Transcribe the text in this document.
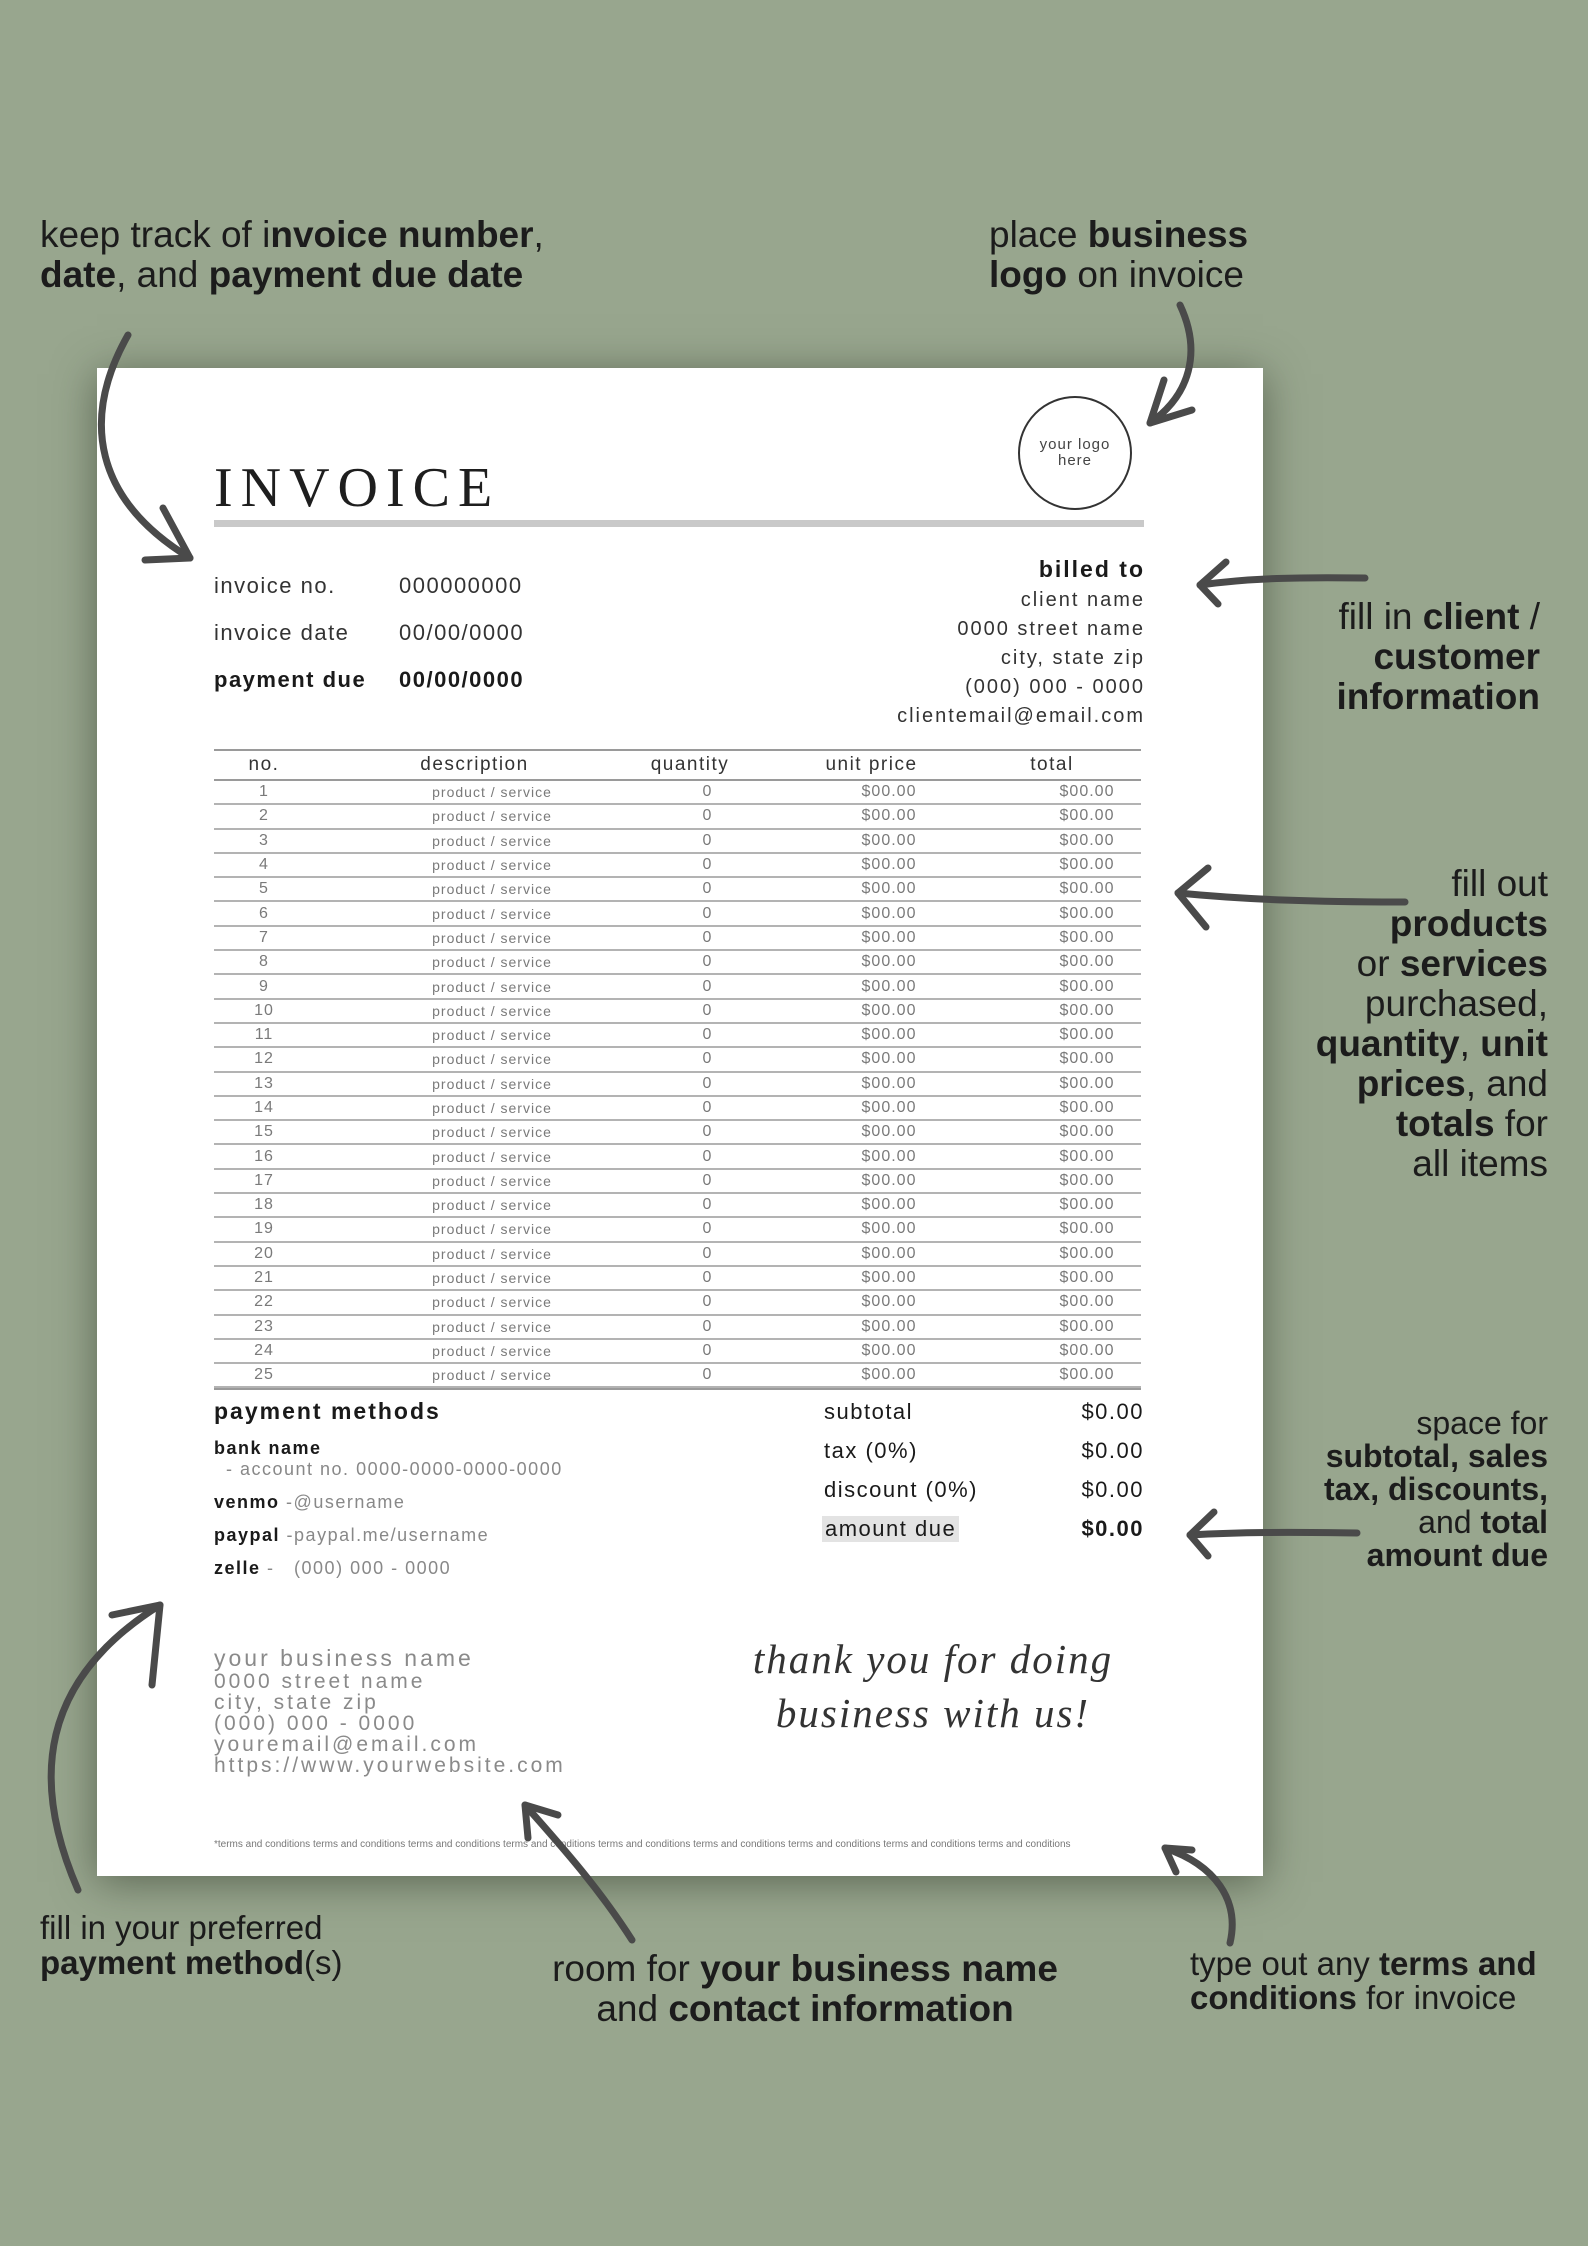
keep track of invoice number,
date, and payment due date
place business
logo on invoice
fill in client /
customer
information
fill out
products
or services
purchased,
quantity, unit
prices, and
totals for
all items
space for
subtotal, sales
tax, discounts,
and total
amount due
fill in your preferred
payment method(s)	room for your business name
and contact information
type out any terms and
conditions for invoice
your logo here
INVOICE
invoice no.	000000000
invoice date 00/00/0000
payment due 00/00/0000
billed to
client name
0000 street name
city, state zip
(000) 000 - 0000
clientemail@email.com
no.	description	quantity	unit price	total
1	product / service	0	$00.00	$00.00
2	product / service	0	$00.00	$00.00
3	product / service	0	$00.00	$00.00
4	product / service	0	$00.00	$00.00
5	product / service	0	$00.00	$00.00
6	product / service	0	$00.00	$00.00
7	product / service	0	$00.00	$00.00
8	product / service	0	$00.00	$00.00
9	product / service	0	$00.00	$00.00
10	product / service	0	$00.00	$00.00
11	product / service	0	$00.00	$00.00
12	product / service	0	$00.00	$00.00
13	product / service	0	$00.00	$00.00
14	product / service	0	$00.00	$00.00
15	product / service	0	$00.00	$00.00
16	product / service	0	$00.00	$00.00
17	product / service	0	$00.00	$00.00
18	product / service	0	$00.00	$00.00
19	product / service	0	$00.00	$00.00
20	product / service	0	$00.00	$00.00
21	product / service	0	$00.00	$00.00
22	product / service	0	$00.00	$00.00
23	product / service	0	$00.00	$00.00
24	product / service	0	$00.00	$00.00
25	product / service	0	$00.00	$00.00
payment methods
bank name
- account no. 0000-0000-0000-0000
venmo -@username
paypal -paypal.me/username
zelle -   (000) 000 - 0000
subtotal	$0.00
tax (0%)	$0.00
discount (0%)	$0.00
amount due	$0.00
your business name
0000 street name
city, state zip
(000) 000 - 0000
youremail@email.com
https://www.yourwebsite.com
thank you for doing
business with us!
*terms and conditions terms and conditions terms and conditions terms and conditions terms and conditions terms and conditions terms and conditions terms and conditions terms and conditions
